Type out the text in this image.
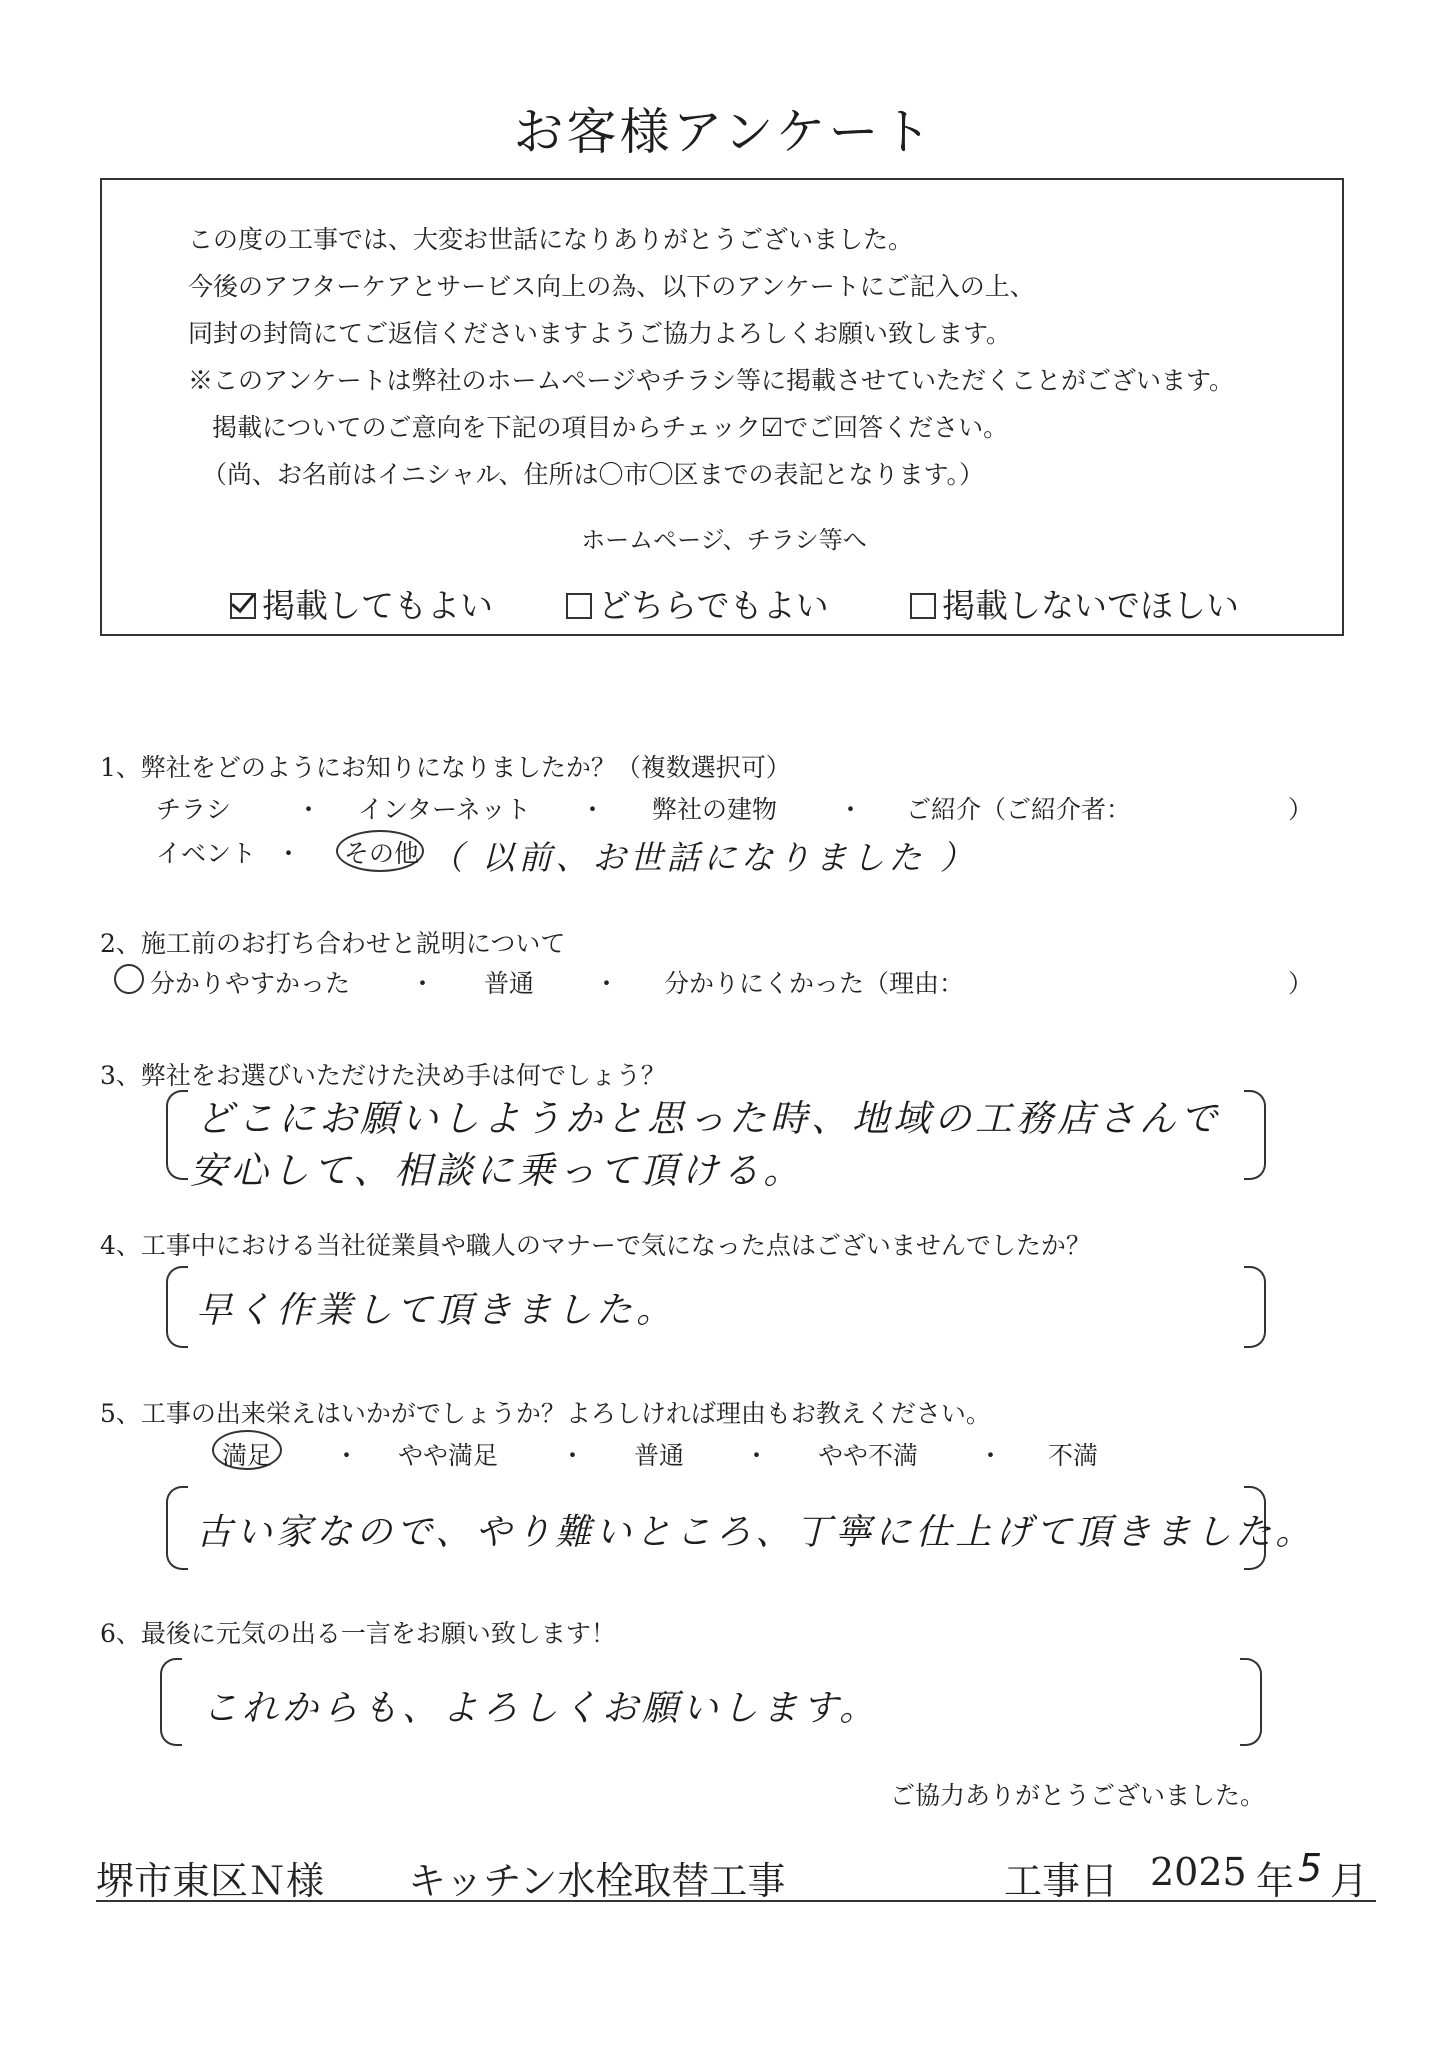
お客様アンケート
この度の工事では、大変お世話になりありがとうございました。
今後のアフターケアとサービス向上の為、以下のアンケートにご記入の上、
同封の封筒にてご返信くださいますようご協力よろしくお願い致します。
※このアンケートは弊社のホームページやチラシ等に掲載させていただくことがございます。
掲載についてのご意向を下記の項目からチェック☑でご回答ください。
（尚、お名前はイニシャル、住所は〇市〇区までの表記となります。）
ホームページ、チラシ等へ
掲載してもよい	どちらでもよい	掲載しないでほしい
1、弊社をどのようにお知りになりましたか？（複数選択可）
チラシ	・ インターネット ・ 弊社の建物 ・ ご紹介（ご紹介者：	）
イベント ・ その他 （ 以前、お世話になりました ）
2、施工前のお打ち合わせと説明について
分かりやすかった ・ 普通 ・ 分かりにくかった（理由：	）
3、弊社をお選びいただけた決め手は何でしょう？
どこにお願いしようかと思った時、地域の工務店さんで
安心して、相談に乗って頂ける。
4、工事中における当社従業員や職人のマナーで気になった点はございませんでしたか？
早く作業して頂きました。
5、工事の出来栄えはいかがでしょうか？よろしければ理由もお教えください。
満足 ・ やや満足 ・ 普通 ・ やや不満 ・ 不満
古い家なので、やり難いところ、丁寧に仕上げて頂きました。
6、最後に元気の出る一言をお願い致します！
これからも、よろしくお願いします。
ご協力ありがとうございました。
堺市東区Ｎ様 キッチン水栓取替工事	工事日 2025 年 5 月
